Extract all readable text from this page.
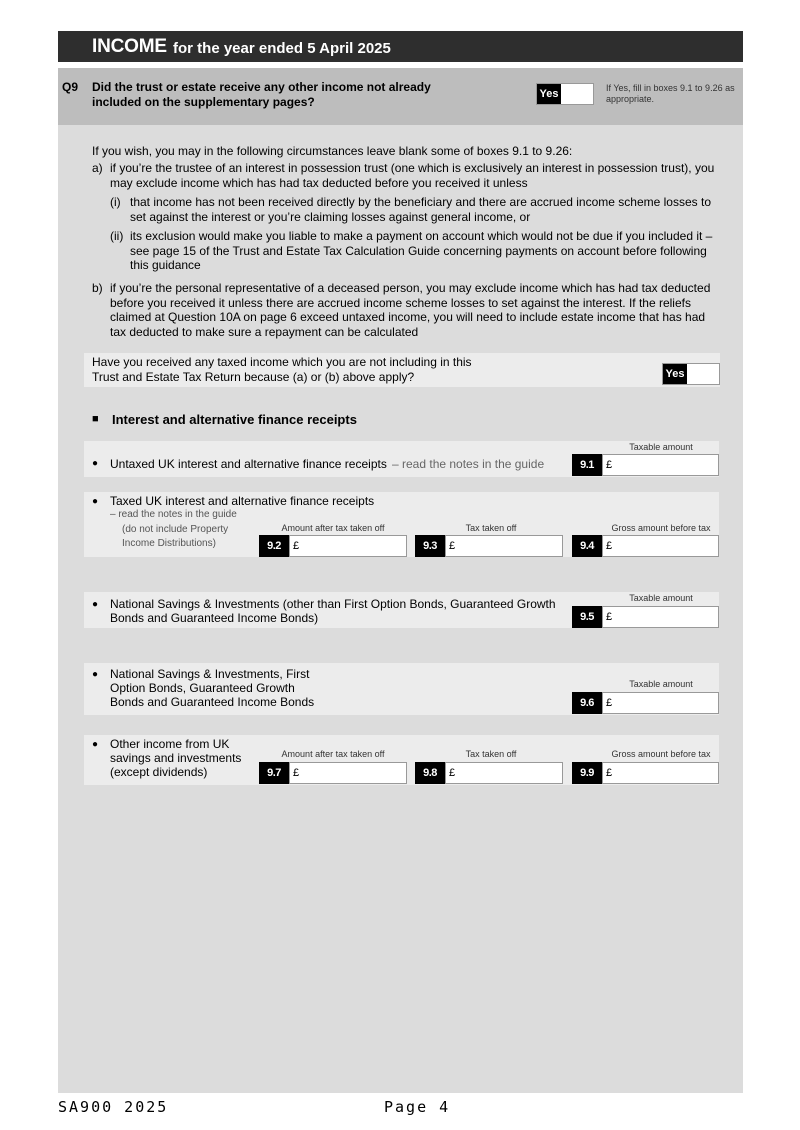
INCOME for the year ended 5 April 2025
Q9 Did the trust or estate receive any other income not already included on the supplementary pages?
Yes	If Yes, fill in boxes 9.1 to 9.26 as appropriate.
If you wish, you may in the following circumstances leave blank some of boxes 9.1 to 9.26:
a) if you’re the trustee of an interest in possession trust (one which is exclusively an interest in possession trust), you may exclude income which has had tax deducted before you received it unless
(i) that income has not been received directly by the beneficiary and there are accrued income scheme losses to set against the interest or you’re claiming losses against general income, or
(ii) its exclusion would make you liable to make a payment on account which would not be due if you included it – see page 15 of the Trust and Estate Tax Calculation Guide concerning payments on account before following this guidance
b) if you’re the personal representative of a deceased person, you may exclude income which has had tax deducted before you received it unless there are accrued income scheme losses to set against the interest. If the reliefs claimed at Question 10A on page 6 exceed untaxed income, you will need to include estate income that has had tax deducted to make sure a repayment can be calculated
Have you received any taxed income which you are not including in this Trust and Estate Tax Return because (a) or (b) above apply?	Yes
■ Interest and alternative finance receipts
● Untaxed UK interest and alternative finance receipts – read the notes in the guide
Taxable amount
9.1	£
● Taxed UK interest and alternative finance receipts
– read the notes in the guide
(do not include Property Income Distributions)
Amount after tax taken off	Tax taken off	Gross amount before tax
9.2	£	9.3	£	9.4	£
● National Savings & Investments (other than First Option Bonds, Guaranteed Growth Bonds and Guaranteed Income Bonds)
Taxable amount
9.5	£
● National Savings & Investments, First Option Bonds, Guaranteed Growth Bonds and Guaranteed Income Bonds
Taxable amount
9.6	£
● Other income from UK savings and investments (except dividends)
Amount after tax taken off	Tax taken off	Gross amount before tax
9.7	£	9.8	£	9.9	£
SA900 2025	Page 4
